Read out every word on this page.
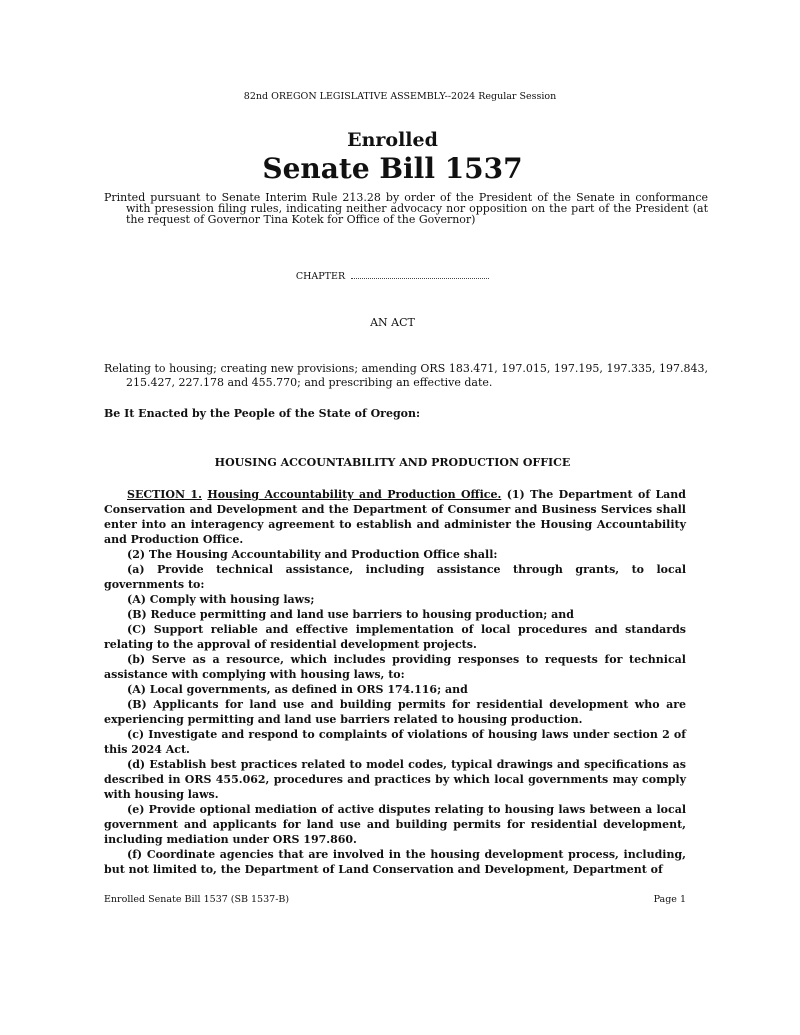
82nd OREGON LEGISLATIVE ASSEMBLY--2024 Regular Session
Enrolled
Senate Bill 1537
Printed pursuant to Senate Interim Rule 213.28 by order of the President of the Senate in conformance with presession filing rules, indicating neither advocacy nor opposition on the part of the President (at the request of Governor Tina Kotek for Office of the Governor)
CHAPTER
AN ACT
Relating to housing; creating new provisions; amending ORS 183.471, 197.015, 197.195, 197.335, 197.843, 215.427, 227.178 and 455.770; and prescribing an effective date.
Be It Enacted by the People of the State of Oregon:
HOUSING ACCOUNTABILITY AND PRODUCTION OFFICE

SECTION 1. Housing Accountability and Production Office. (1) The Department of Land Conservation and Development and the Department of Consumer and Business Services shall enter into an interagency agreement to establish and administer the Housing Accountability and Production Office.

(2) The Housing Accountability and Production Office shall:

(a) Provide technical assistance, including assistance through grants, to local governments to:

(A) Comply with housing laws;

(B) Reduce permitting and land use barriers to housing production; and

(C) Support reliable and effective implementation of local procedures and standards relating to the approval of residential development projects.

(b) Serve as a resource, which includes providing responses to requests for technical assistance with complying with housing laws, to:

(A) Local governments, as defined in ORS 174.116; and

(B) Applicants for land use and building permits for residential development who are experiencing permitting and land use barriers related to housing production.

(c) Investigate and respond to complaints of violations of housing laws under section 2 of this 2024 Act.

(d) Establish best practices related to model codes, typical drawings and specifications as described in ORS 455.062, procedures and practices by which local governments may comply with housing laws.

(e) Provide optional mediation of active disputes relating to housing laws between a local government and applicants for land use and building permits for residential development, including mediation under ORS 197.860.

(f) Coordinate agencies that are involved in the housing development process, including, but not limited to, the Department of Land Conservation and Development, Department of

Enrolled Senate Bill 1537 (SB 1537-B)	Page 1
